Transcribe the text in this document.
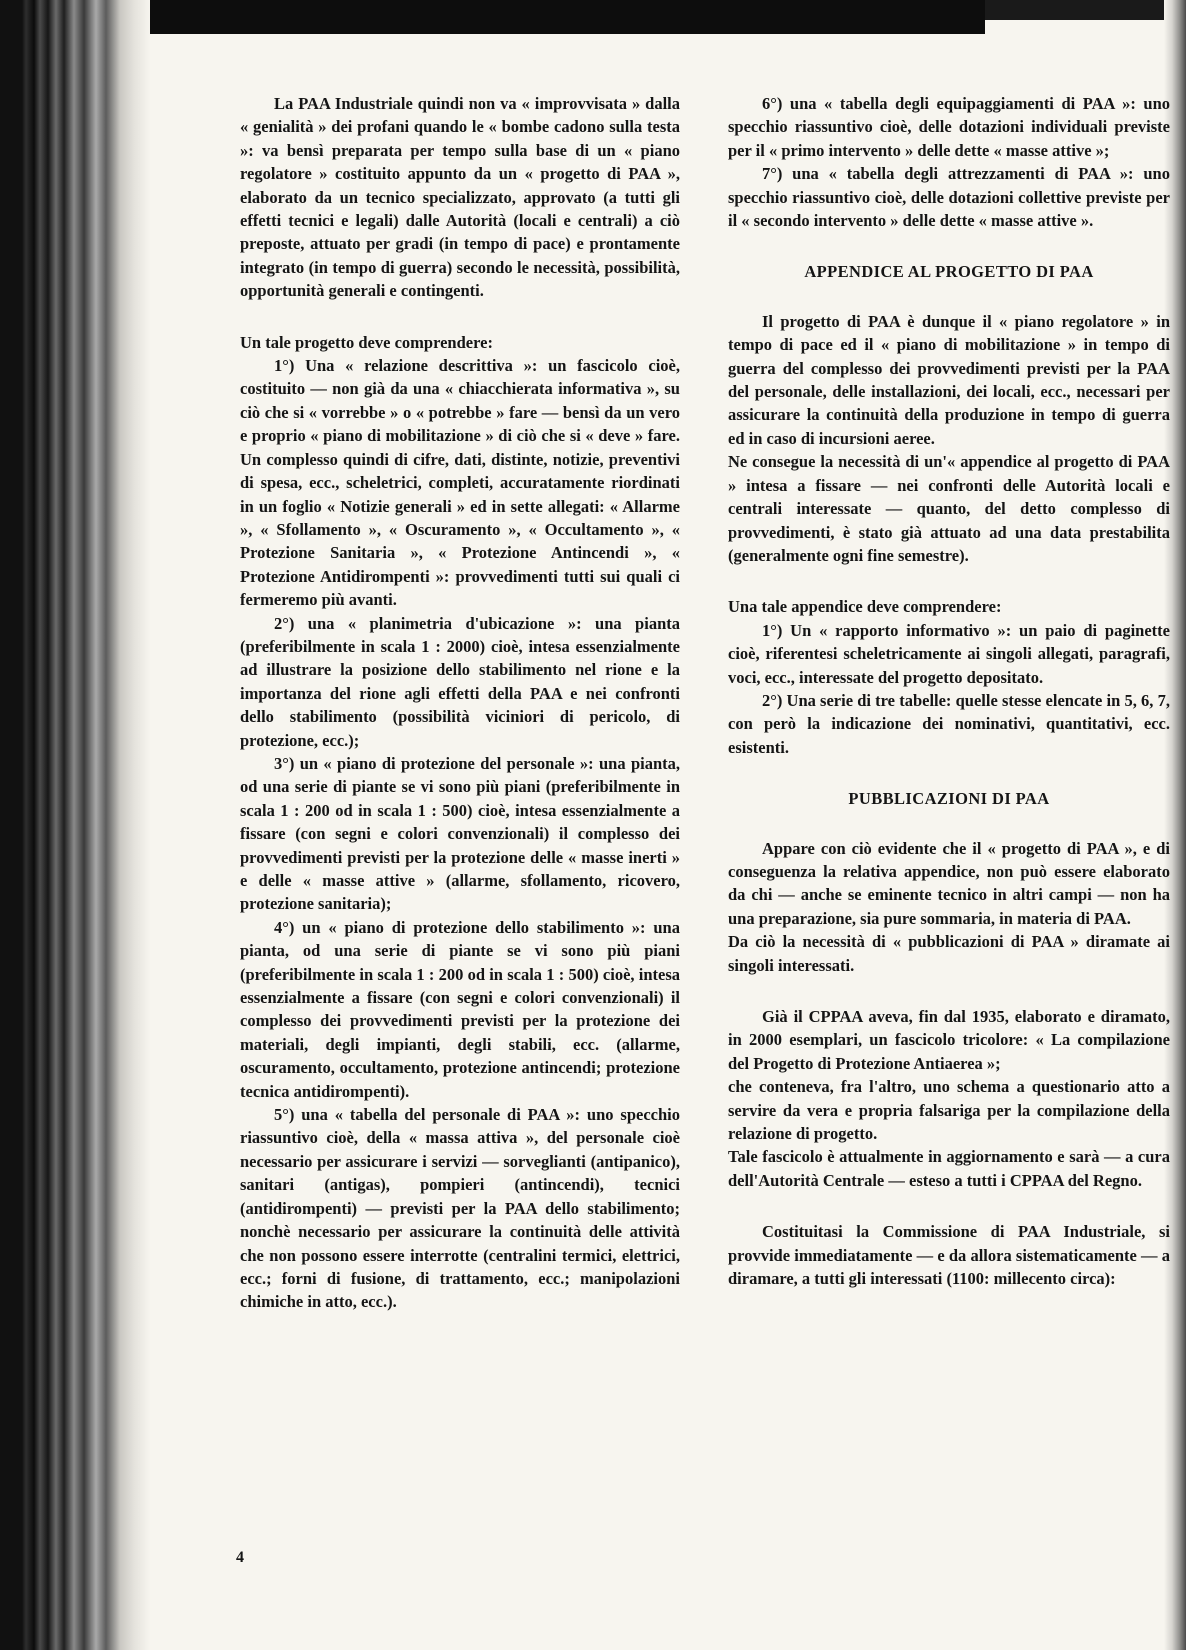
La PAA Industriale quindi non va « improvvisata » dalla « genialità » dei profani quando le « bombe cadono sulla testa »: va bensì preparata per tempo sulla base di un « piano regolatore » costituito appunto da un « progetto di PAA », elaborato da un tecnico specializzato, approvato (a tutti gli effetti tecnici e legali) dalle Autorità (locali e centrali) a ciò preposte, attuato per gradi (in tempo di pace) e prontamente integrato (in tempo di guerra) secondo le necessità, possibilità, opportunità generali e contingenti.

Un tale progetto deve comprendere:

1°) Una « relazione descrittiva »: un fascicolo cioè, costituito — non già da una « chiacchierata informativa », su ciò che si « vorrebbe » o « potrebbe » fare — bensì da un vero e proprio « piano di mobilitazione » di ciò che si « deve » fare. Un complesso quindi di cifre, dati, distinte, notizie, preventivi di spesa, ecc., scheletrici, completi, accuratamente riordinati in un foglio « Notizie generali » ed in sette allegati: « Allarme », « Sfollamento », « Oscuramento », « Occultamento », « Protezione Sanitaria », « Protezione Antincendi », « Protezione Antidirompenti »: provvedimenti tutti sui quali ci fermeremo più avanti.

2°) una « planimetria d'ubicazione »: una pianta (preferibilmente in scala 1 : 2000) cioè, intesa essenzialmente ad illustrare la posizione dello stabilimento nel rione e la importanza del rione agli effetti della PAA e nei confronti dello stabilimento (possibilità viciniori di pericolo, di protezione, ecc.);

3°) un « piano di protezione del personale »: una pianta, od una serie di piante se vi sono più piani (preferibilmente in scala 1 : 200 od in scala 1 : 500) cioè, intesa essenzialmente a fissare (con segni e colori convenzionali) il complesso dei provvedimenti previsti per la protezione delle « masse inerti » e delle « masse attive » (allarme, sfollamento, ricovero, protezione sanitaria);

4°) un « piano di protezione dello stabilimento »: una pianta, od una serie di piante se vi sono più piani (preferibilmente in scala 1 : 200 od in scala 1 : 500) cioè, intesa essenzialmente a fissare (con segni e colori convenzionali) il complesso dei provvedimenti previsti per la protezione dei materiali, degli impianti, degli stabili, ecc. (allarme, oscuramento, occultamento, protezione antincendi; protezione tecnica antidirompenti).

5°) una « tabella del personale di PAA »: uno specchio riassuntivo cioè, della « massa attiva », del personale cioè necessario per assicurare i servizi — sorveglianti (antipanico), sanitari (antigas), pompieri (antincendi), tecnici (antidirompenti) — previsti per la PAA dello stabilimento; nonchè necessario per assicurare la continuità delle attività che non possono essere interrotte (centralini termici, elettrici, ecc.; forni di fusione, di trattamento, ecc.; manipolazioni chimiche in atto, ecc.).

6°) una « tabella degli equipaggiamenti di PAA »: uno specchio riassuntivo cioè, delle dotazioni individuali previste per il « primo intervento » delle dette « masse attive »;

7°) una « tabella degli attrezzamenti di PAA »: uno specchio riassuntivo cioè, delle dotazioni collettive previste per il « secondo intervento » delle dette « masse attive ».

APPENDICE AL PROGETTO DI PAA

Il progetto di PAA è dunque il « piano regolatore » in tempo di pace ed il « piano di mobilitazione » in tempo di guerra del complesso dei provvedimenti previsti per la PAA del personale, delle installazioni, dei locali, ecc., necessari per assicurare la continuità della produzione in tempo di guerra ed in caso di incursioni aeree.

Ne consegue la necessità di un'« appendice al progetto di PAA » intesa a fissare — nei confronti delle Autorità locali e centrali interessate — quanto, del detto complesso di provvedimenti, è stato già attuato ad una data prestabilita (generalmente ogni fine semestre).

Una tale appendice deve comprendere:

1°) Un « rapporto informativo »: un paio di paginette cioè, riferentesi scheletricamente ai singoli allegati, paragrafi, voci, ecc., interessate del progetto depositato.

2°) Una serie di tre tabelle: quelle stesse elencate in 5, 6, 7, con però la indicazione dei nominativi, quantitativi, ecc. esistenti.

PUBBLICAZIONI DI PAA

Appare con ciò evidente che il « progetto di PAA », e di conseguenza la relativa appendice, non può essere elaborato da chi — anche se eminente tecnico in altri campi — non ha una preparazione, sia pure sommaria, in materia di PAA.

Da ciò la necessità di « pubblicazioni di PAA » diramate ai singoli interessati.

Già il CPPAA aveva, fin dal 1935, elaborato e diramato, in 2000 esemplari, un fascicolo tricolore: « La compilazione del Progetto di Protezione Antiaerea »;

che conteneva, fra l'altro, uno schema a questionario atto a servire da vera e propria falsariga per la compilazione della relazione di progetto.

Tale fascicolo è attualmente in aggiornamento e sarà — a cura dell'Autorità Centrale — esteso a tutti i CPPAA del Regno.

Costituitasi la Commissione di PAA Industriale, si provvide immediatamente — e da allora sistematicamente — a diramare, a tutti gli interessati (1100: millecento circa):

4
